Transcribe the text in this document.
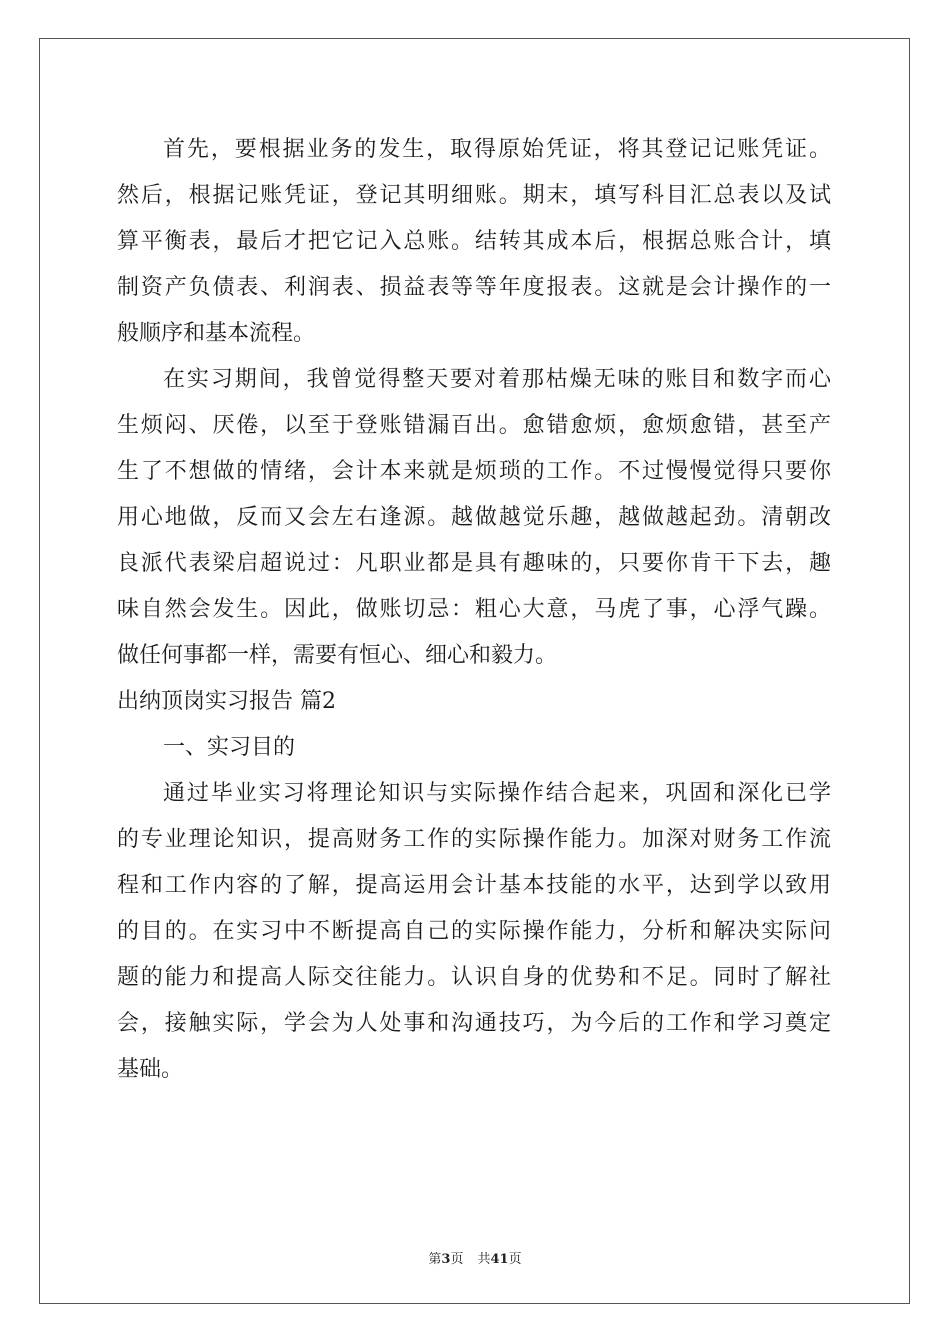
首先，要根据业务的发生，取得原始凭证，将其登记记账凭证。
然后，根据记账凭证，登记其明细账。期末，填写科目汇总表以及试
算平衡表，最后才把它记入总账。结转其成本后，根据总账合计，填
制资产负债表、利润表、损益表等等年度报表。这就是会计操作的一
般顺序和基本流程。
在实习期间，我曾觉得整天要对着那枯燥无味的账目和数字而心
生烦闷、厌倦，以至于登账错漏百出。愈错愈烦，愈烦愈错，甚至产
生了不想做的情绪，会计本来就是烦琐的工作。不过慢慢觉得只要你
用心地做，反而又会左右逢源。越做越觉乐趣，越做越起劲。清朝改
良派代表梁启超说过：凡职业都是具有趣味的，只要你肯干下去，趣
味自然会发生。因此，做账切忌：粗心大意，马虎了事，心浮气躁。
做任何事都一样，需要有恒心、细心和毅力。
出纳顶岗实习报告 篇2
一、实习目的
通过毕业实习将理论知识与实际操作结合起来，巩固和深化已学
的专业理论知识，提高财务工作的实际操作能力。加深对财务工作流
程和工作内容的了解，提高运用会计基本技能的水平，达到学以致用
的目的。在实习中不断提高自己的实际操作能力，分析和解决实际问
题的能力和提高人际交往能力。认识自身的优势和不足。同时了解社
会，接触实际，学会为人处事和沟通技巧，为今后的工作和学习奠定
基础。
第3页 共41页
